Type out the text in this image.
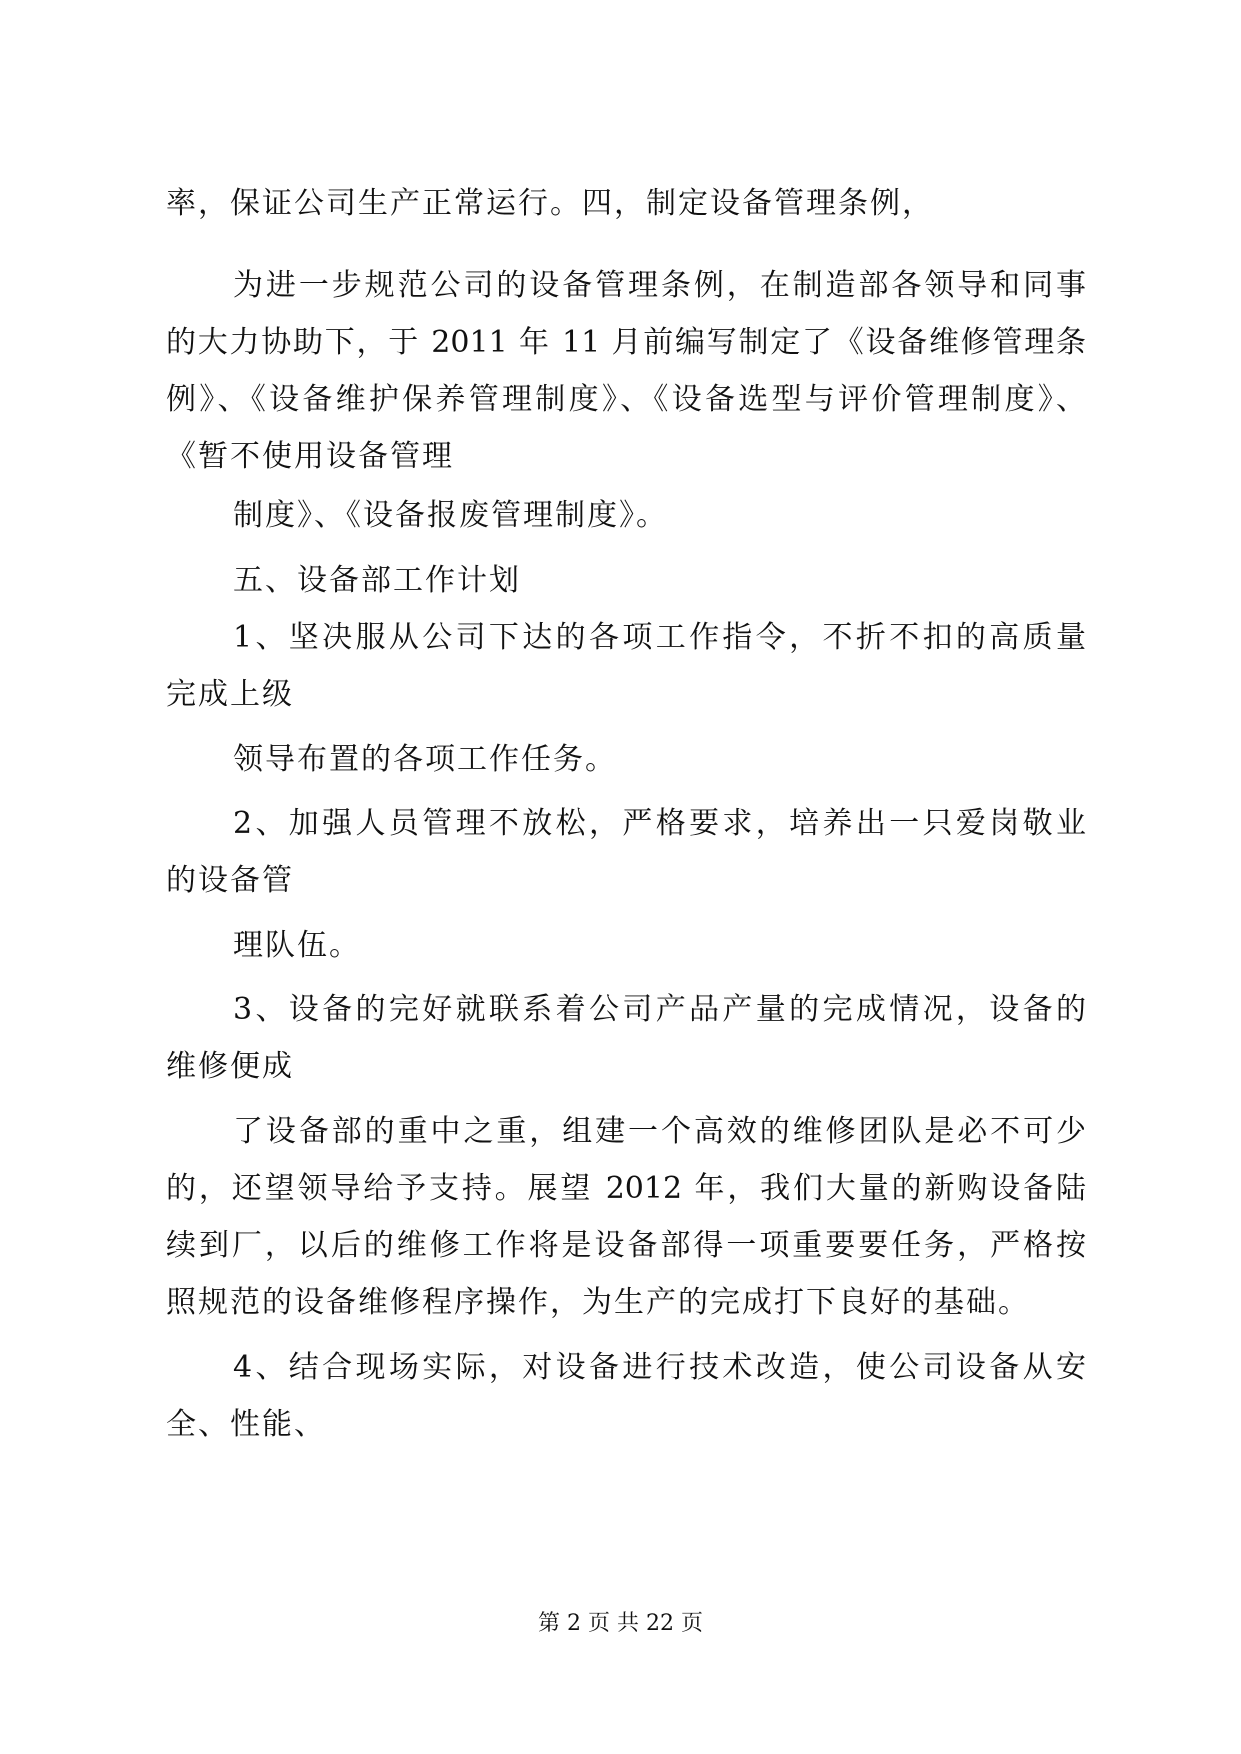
率，保证公司生产正常运行。四，制定设备管理条例，
为进一步规范公司的设备管理条例，在制造部各领导和同事
的大力协助下，于 2011 年 11 月前编写制定了《设备维修管理条
例》、《设备维护保养管理制度》、《设备选型与评价管理制度》、
《暂不使用设备管理
制度》、《设备报废管理制度》。
五、设备部工作计划
1、坚决服从公司下达的各项工作指令，不折不扣的高质量
完成上级
领导布置的各项工作任务。
2、加强人员管理不放松，严格要求，培养出一只爱岗敬业
的设备管
理队伍。
3、设备的完好就联系着公司产品产量的完成情况，设备的
维修便成
了设备部的重中之重，组建一个高效的维修团队是必不可少
的，还望领导给予支持。展望 2012 年，我们大量的新购设备陆
续到厂，以后的维修工作将是设备部得一项重要要任务，严格按
照规范的设备维修程序操作，为生产的完成打下良好的基础。
4、结合现场实际，对设备进行技术改造，使公司设备从安
全、性能、
第 2 页 共 22 页
